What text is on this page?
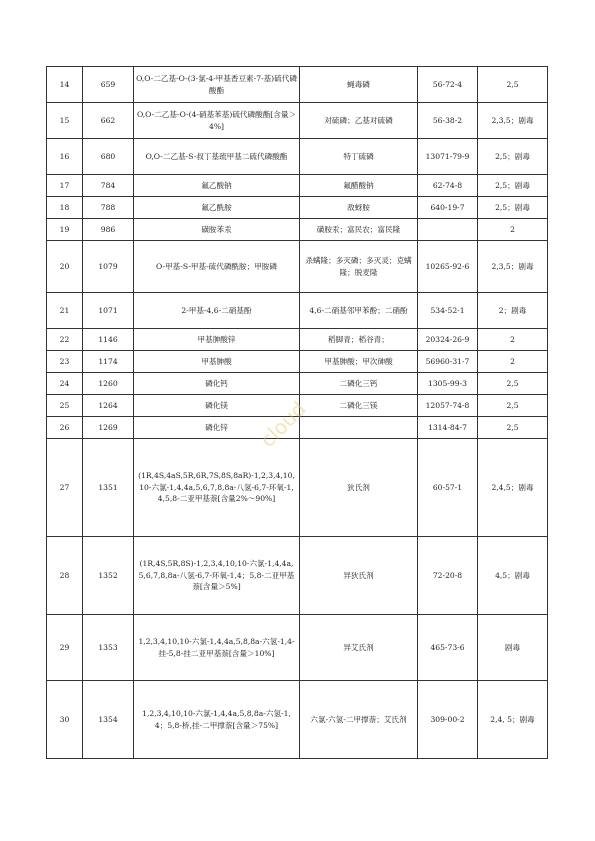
14	659	O,O-二乙基-O-(3-氯-4-甲基香豆素-7-基)硫代磷酸酯	蝇毒磷	56-72-4	2,5
15	662	O,O-二乙基-O-(4-硝基苯基)硫代磷酸酯[含量＞4%]	对硫磷；乙基对硫磷	56-38-2	2,3,5；剧毒
16	680	O,O-二乙基-S-叔丁基巯甲基二硫代磷酸酯	特丁硫磷	13071-79-9	2,5；剧毒
17	784	氟乙酸钠	氟醋酸钠	62-74-8	2,5；剧毒
18	788	氟乙酰胺	敌蚜胺	640-19-7	2,5；剧毒
19	986	磺胺苯汞	磺胺汞；富民农；富民隆		2
20	1079	O-甲基-S-甲基-硫代磷酰胺；甲胺磷	杀螨隆；多灭磷；多灭灵；克螨隆；脱麦隆	10265-92-6	2,3,5；剧毒
21	1071	2-甲基-4,6-二硝基酚	4,6-二硝基邻甲苯酚；二硝酚	534-52-1	2；剧毒
22	1146	甲基胂酸锌	稻脚青；稻谷青；	20324-26-9	2
23	1174	甲基胂酸	甲基胂酸；甲次砷酸	56960-31-7	2
24	1260	磷化钙	二磷化三钙	1305-99-3	2,5
25	1264	磷化镁	二磷化三镁	12057-74-8	2,5
26	1269	磷化锌		1314-84-7	2,5
27	1351	(1R,4S,4aS,5R,6R,7S,8S,8aR)-1,2,3,4,10,10-六氯-1,4,4a,5,6,7,8,8a-八氢-6,7-环氧-1,4,5,8-二亚甲基萘[含量2%～90%]	狄氏剂	60-57-1	2,4,5；剧毒
28	1352	(1R,4S,5R,8S)-1,2,3,4,10,10-六氯-1,4,4a,5,6,7,8,8a-八氢-6,7-环氧-1,4；5,8-二亚甲基萘[含量＞5%]	异狄氏剂	72-20-8	4,5；剧毒
29	1353	1,2,3,4,10,10-六氯-1,4,4a,5,8,8a-六氢-1,4-挂-5,8-挂二亚甲基萘[含量＞10%]	异艾氏剂	465-73-6	剧毒
30	1354	1,2,3,4,10,10-六氯-1,4,4a,5,8,8a-六氢-1,4；5,8-桥,挂-二甲撑萘[含量＞75%]	六氯-六氢-二甲撑萘；艾氏剂	309-00-2	2,4, 5；剧毒
cloud
